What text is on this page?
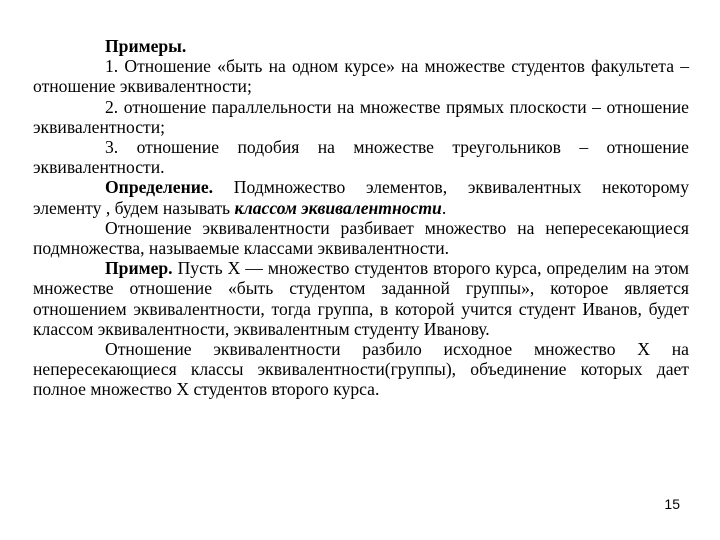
Примеры.

1. Отношение «быть на одном курсе» на множестве студентов факультета – отношение эквивалентности;

2. отношение параллельности на множестве прямых плоскости – отношение эквивалентности;

3. отношение подобия на множестве треугольников – отношение эквивалентности.

Определение. Подмножество элементов, эквивалентных некоторому элементу , будем называть классом эквивалентности.

Отношение эквивалентности разбивает множество на непересекающиеся подмножества, называемые классами эквивалентности.

Пример. Пусть Х — множество студентов второго курса, определим на этом множестве отношение «быть студентом заданной группы», которое является отношением эквивалентности, тогда группа, в которой учится студент Иванов, будет классом эквивалентности, эквивалентным студенту Иванову.

Отношение эквивалентности разбило исходное множество Х на непересекающиеся классы эквивалентности(группы), объединение которых дает полное множество Х студентов второго курса.

15
